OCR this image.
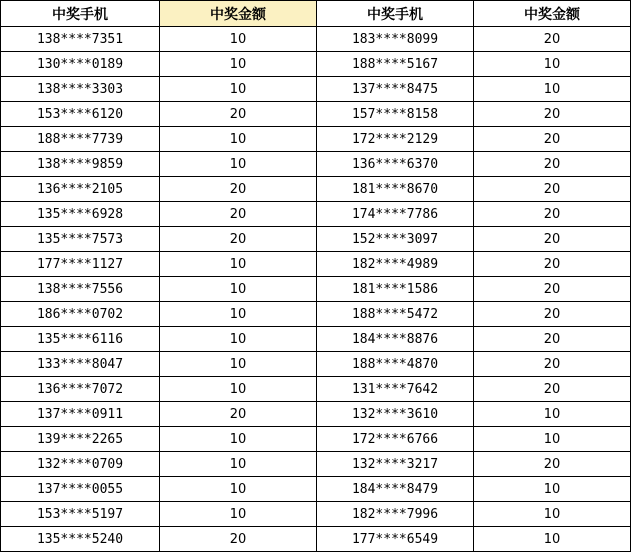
中奖手机	中奖金额	中奖手机	中奖金额
138****7351	10	183****8099	20
130****0189	10	188****5167	10
138****3303	10	137****8475	10
153****6120	20	157****8158	20
188****7739	10	172****2129	20
138****9859	10	136****6370	20
136****2105	20	181****8670	20
135****6928	20	174****7786	20
135****7573	20	152****3097	20
177****1127	10	182****4989	20
138****7556	10	181****1586	20
186****0702	10	188****5472	20
135****6116	10	184****8876	20
133****8047	10	188****4870	20
136****7072	10	131****7642	20
137****0911	20	132****3610	10
139****2265	10	172****6766	10
132****0709	10	132****3217	20
137****0055	10	184****8479	10
153****5197	10	182****7996	10
135****5240	20	177****6549	10
